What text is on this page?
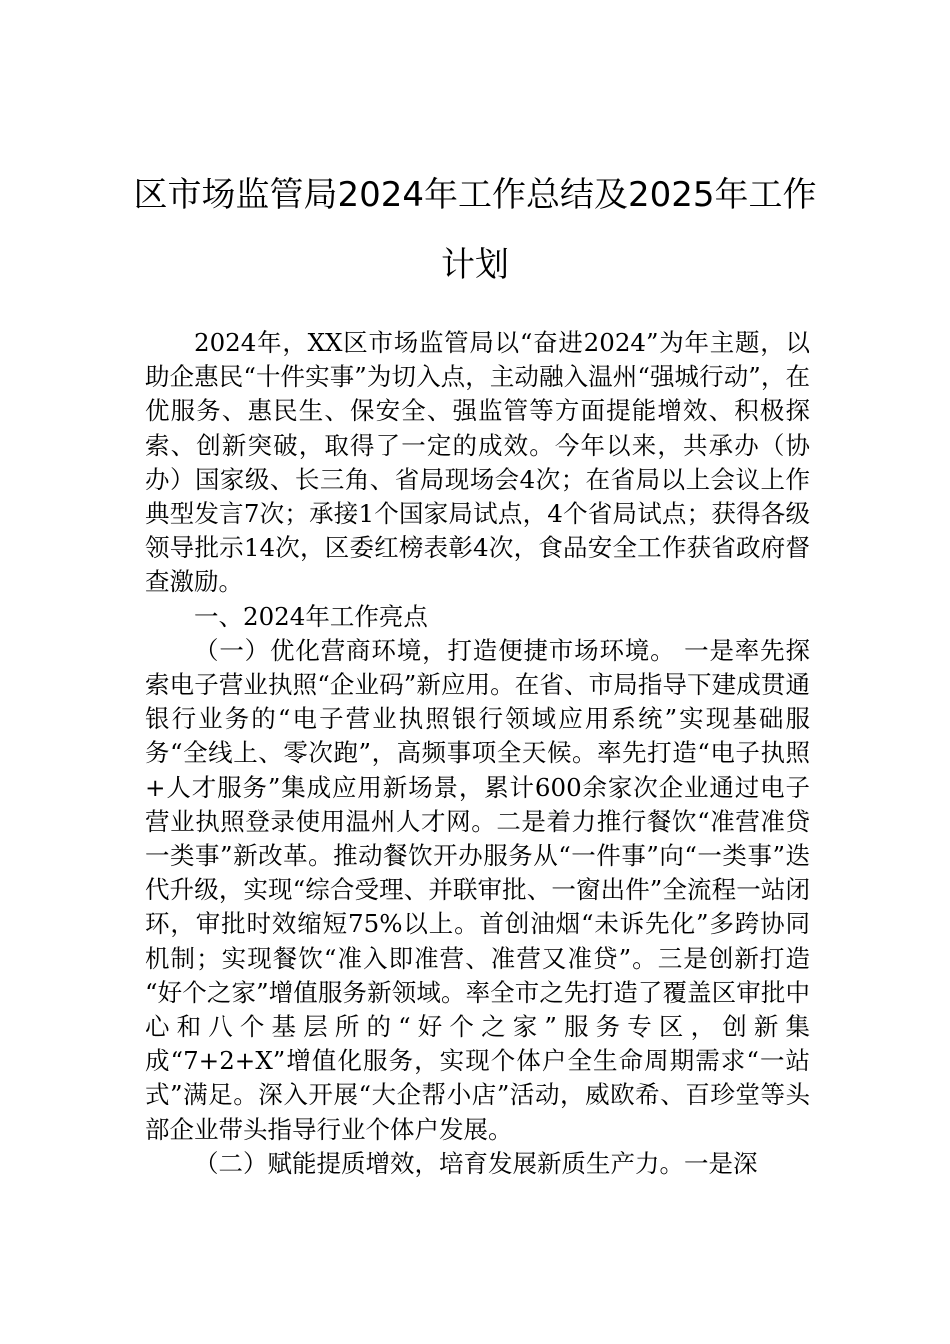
区市场监管局2024年工作总结及2025年工作计划

2024年，XX区市场监管局以“奋进2024”为年主题，以助企惠民“十件实事”为切入点，主动融入温州“强城行动”，在优服务、惠民生、保安全、强监管等方面提能增效、积极探索、创新突破，取得了一定的成效。今年以来，共承办（协办）国家级、长三角、省局现场会4次；在省局以上会议上作典型发言7次；承接1个国家局试点，4个省局试点；获得各级领导批示14次，区委红榜表彰4次，食品安全工作获省政府督查激励。

一、2024年工作亮点

（一）优化营商环境，打造便捷市场环境。 一是率先探索电子营业执照“企业码”新应用。在省、市局指导下建成贯通银行业务的“电子营业执照银行领域应用系统”实现基础服务“全线上、零次跑”，高频事项全天候。率先打造“电子执照+人才服务”集成应用新场景，累计600余家次企业通过电子营业执照登录使用温州人才网。二是着力推行餐饮“准营准贷一类事”新改革。推动餐饮开办服务从“一件事”向“一类事”迭代升级，实现“综合受理、并联审批、一窗出件”全流程一站闭环，审批时效缩短75%以上。首创油烟“未诉先化”多跨协同机制；实现餐饮“准入即准营、准营又准贷”。三是创新打造 “好个之家”增值服务新领域。率全市之先打造了覆盖区审批中心和八个基层所的“好个之家”服务专区，创新集成“7+2+X”增值化服务，实现个体户全生命周期需求“一站式”满足。深入开展“大企帮小店”活动，威欧希、百珍堂等头部企业带头指导行业个体户发展。

（二）赋能提质增效，培育发展新质生产力。一是深
